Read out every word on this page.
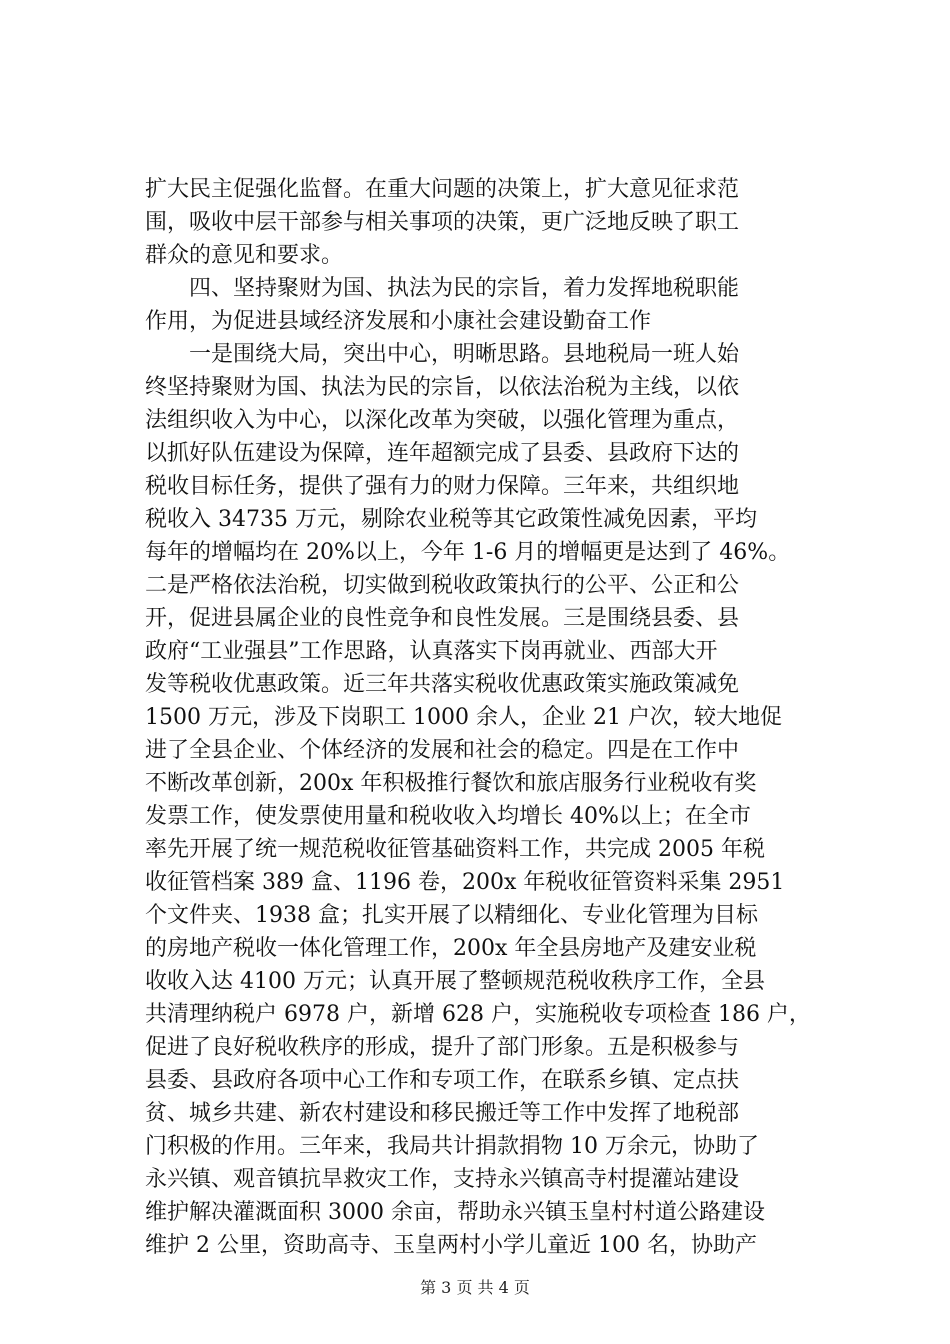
扩大民主促强化监督。在重大问题的决策上，扩大意见征求范
围，吸收中层干部参与相关事项的决策，更广泛地反映了职工
群众的意见和要求。
四、坚持聚财为国、执法为民的宗旨，着力发挥地税职能
作用，为促进县域经济发展和小康社会建设勤奋工作
一是围绕大局，突出中心，明晰思路。县地税局一班人始
终坚持聚财为国、执法为民的宗旨，以依法治税为主线，以依
法组织收入为中心，以深化改革为突破，以强化管理为重点，
以抓好队伍建设为保障，连年超额完成了县委、县政府下达的
税收目标任务，提供了强有力的财力保障。三年来，共组织地
税收入 34735 万元，剔除农业税等其它政策性减免因素，平均
每年的增幅均在 20%以上，今年 1-6 月的增幅更是达到了 46%。
二是严格依法治税，切实做到税收政策执行的公平、公正和公
开，促进县属企业的良性竞争和良性发展。三是围绕县委、县
政府“工业强县”工作思路，认真落实下岗再就业、西部大开
发等税收优惠政策。近三年共落实税收优惠政策实施政策减免
1500 万元，涉及下岗职工 1000 余人，企业 21 户次，较大地促
进了全县企业、个体经济的发展和社会的稳定。四是在工作中
不断改革创新，200x 年积极推行餐饮和旅店服务行业税收有奖
发票工作，使发票使用量和税收收入均增长 40%以上；在全市
率先开展了统一规范税收征管基础资料工作，共完成 2005 年税
收征管档案 389 盒、1196 卷，200x 年税收征管资料采集 2951
个文件夹、1938 盒；扎实开展了以精细化、专业化管理为目标
的房地产税收一体化管理工作，200x 年全县房地产及建安业税
收收入达 4100 万元；认真开展了整顿规范税收秩序工作，全县
共清理纳税户 6978 户，新增 628 户，实施税收专项检查 186 户，
促进了良好税收秩序的形成，提升了部门形象。五是积极参与
县委、县政府各项中心工作和专项工作，在联系乡镇、定点扶
贫、城乡共建、新农村建设和移民搬迁等工作中发挥了地税部
门积极的作用。三年来，我局共计捐款捐物 10 万余元，协助了
永兴镇、观音镇抗旱救灾工作，支持永兴镇高寺村提灌站建设
维护解决灌溉面积 3000 余亩，帮助永兴镇玉皇村村道公路建设
维护 2 公里，资助高寺、玉皇两村小学儿童近 100 名，协助产
第 3 页 共 4 页
